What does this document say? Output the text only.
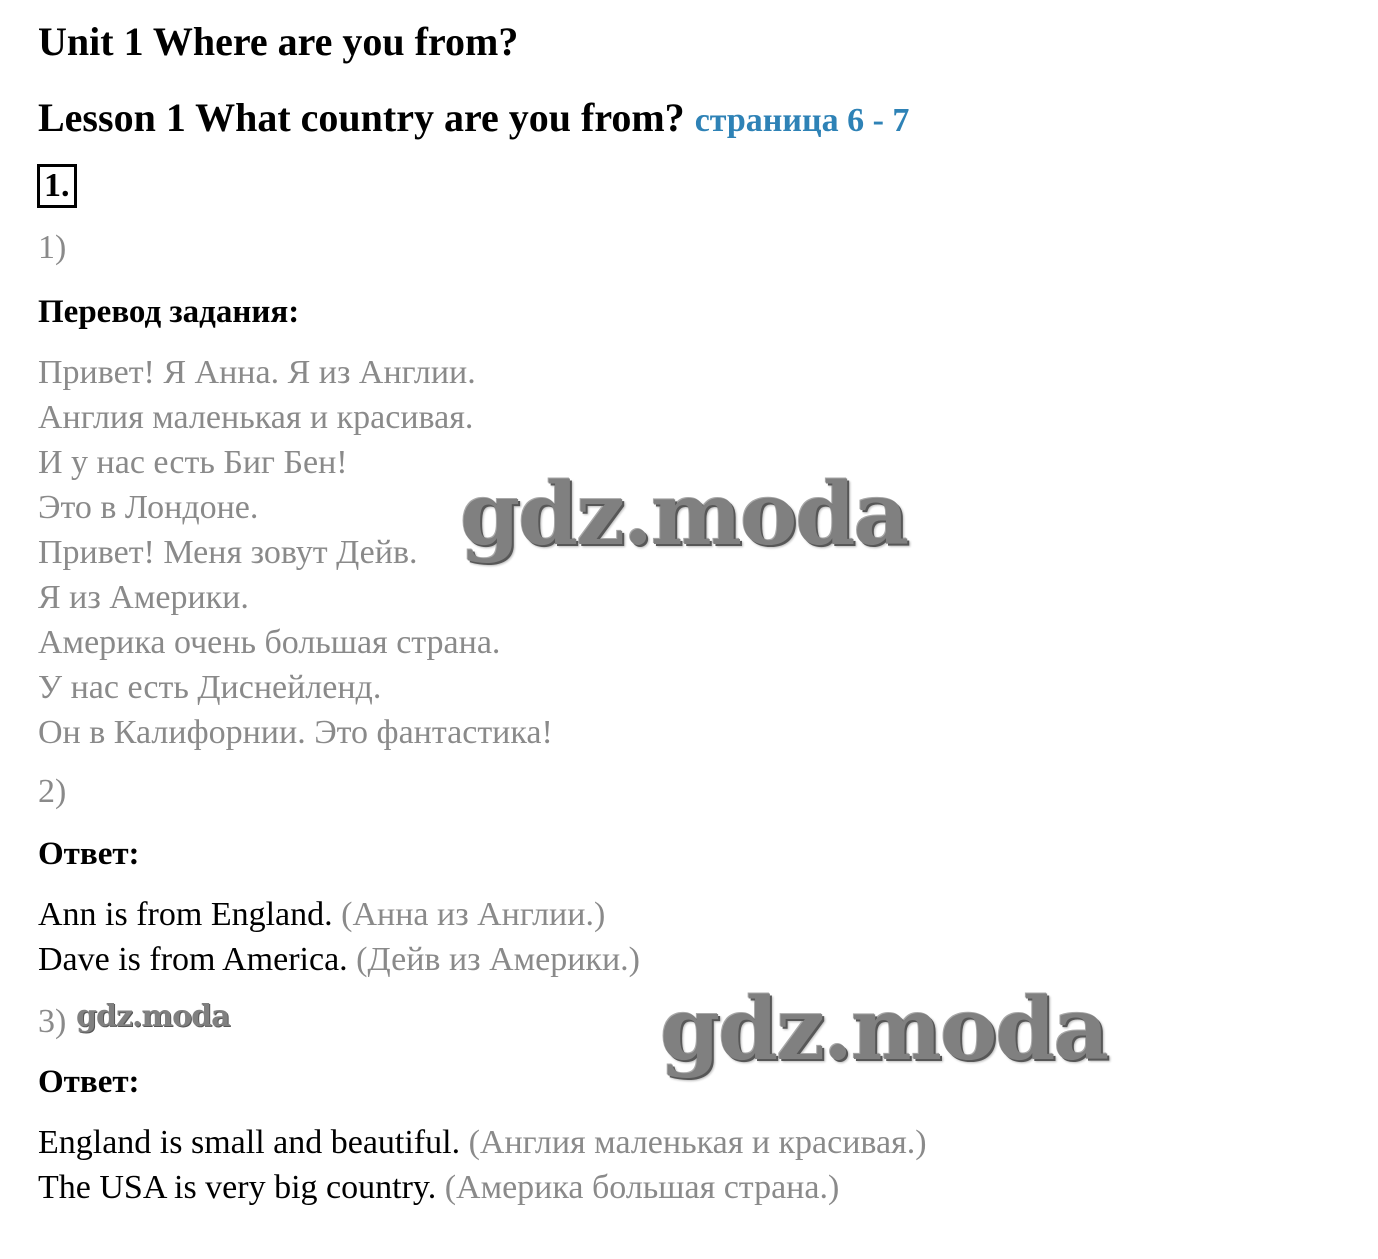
Unit 1 Where are you from?
Lesson 1 What country are you from? страница 6 - 7
1.
1)
Перевод задания:
Привет! Я Анна. Я из Англии.
Англия маленькая и красивая.
И у нас есть Биг Бен!
Это в Лондоне.
Привет! Меня зовут Дейв.
Я из Америки.
Америка очень большая страна.
У нас есть Диснейленд.
Он в Калифорнии. Это фантастика!
2)
Ответ:
Ann is from England. (Анна из Англии.)
Dave is from America. (Дейв из Америки.)
3)
Ответ:
England is small and beautiful. (Англия маленькая и красивая.)
The USA is very big country. (Америка большая страна.)
gdz.moda
gdz.moda	gdz.moda
